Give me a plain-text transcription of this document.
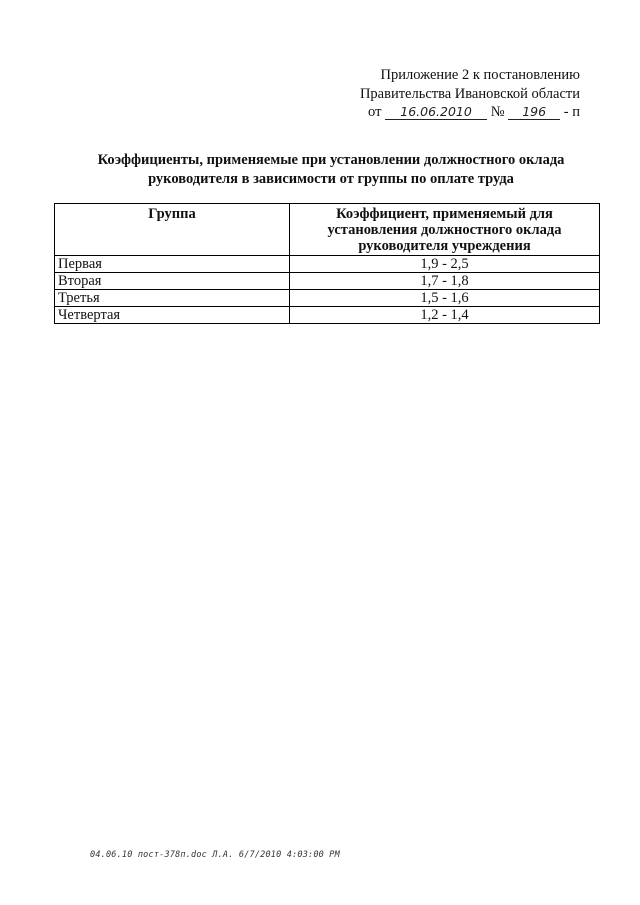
Приложение 2 к постановлению
Правительства Ивановской области
от 16.06.2010 № 196 - п
Коэффициенты, применяемые при установлении должностного оклада
руководителя в зависимости от группы по оплате труда
Группа	Коэффициент, применяемый для
установления должностного оклада
руководителя учреждения

Первая	1,9 - 2,5
Вторая	1,7 - 1,8
Третья	1,5 - 1,6
Четвертая	1,2 - 1,4
04.06.10 пост-378п.doc Л.А. 6/7/2010 4:03:00 PM
